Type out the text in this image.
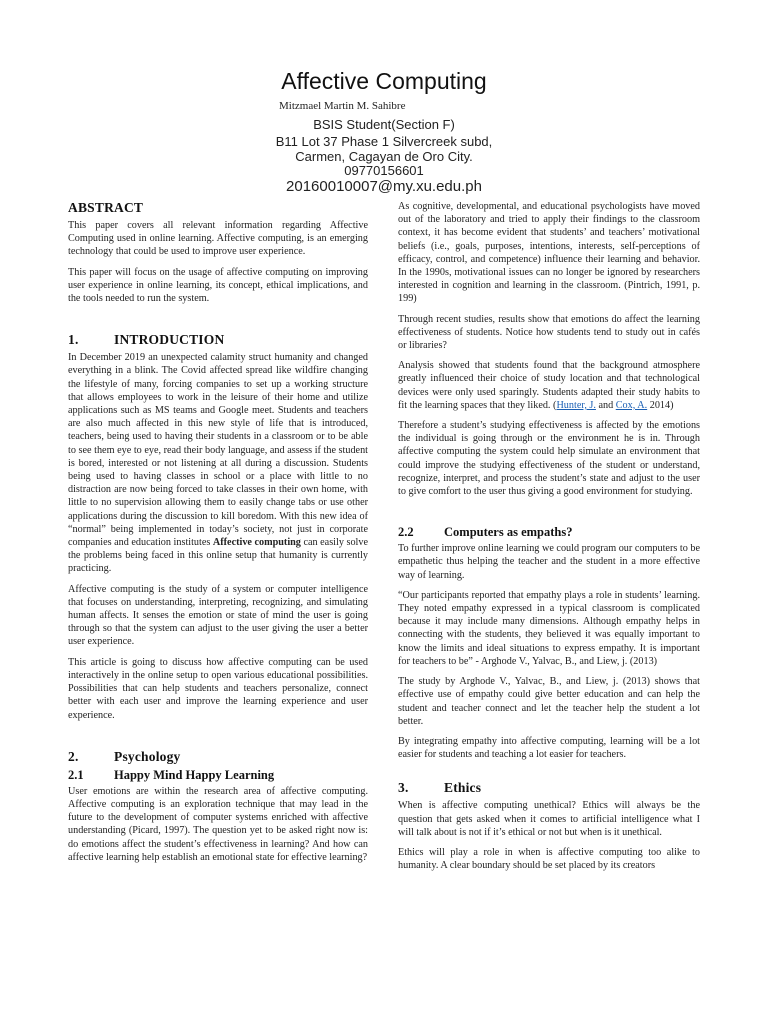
Affective Computing
Mitzmael Martin M. Sahibre
BSIS Student(Section F)
B11 Lot 37 Phase 1 Silvercreek subd,
Carmen, Cagayan de Oro City.
09770156601
20160010007@my.xu.edu.ph
ABSTRACT

This paper covers all relevant information regarding Affective Computing used in online learning. Affective computing, is an emerging technology that could be used to improve user experience.

This paper will focus on the usage of affective computing on improving user experience in online learning, its concept, ethical implications, and the tools needed to run the system.

1.	INTRODUCTION

In December 2019 an unexpected calamity struct humanity and changed everything in a blink. The Covid affected spread like wildfire changing the lifestyle of many, forcing companies to set up a working structure that allows employees to work in the leisure of their home and utilize applications such as MS teams and Google meet. Students and teachers are also much affected in this new style of life that is introduced, teachers, being used to having their students in a classroom or to be able to see them eye to eye, read their body language, and assess if the student is bored, interested or not listening at all during a discussion. Students being used to having classes in school or a place with little to no distraction are now being forced to take classes in their own home, with little to no supervision allowing them to easily change tabs or use other applications during the discussion to kill boredom. With this new idea of “normal” being implemented in today’s society, not just in corporate companies and education institutes Affective computing can easily solve the problems being faced in this online setup that humanity is currently practicing.

Affective computing is the study of a system or computer intelligence that focuses on understanding, interpreting, recognizing, and simulating human affects. It senses the emotion or state of mind the user is going through so that the system can adjust to the user giving the user a better user experience.

This article is going to discuss how affective computing can be used interactively in the online setup to open various educational possibilities. Possibilities that can help students and teachers personalize, connect better with each user and improve the learning experience and user experience.

2.	Psychology
2.1 Happy Mind Happy Learning

User emotions are within the research area of affective computing. Affective computing is an exploration technique that may lead in the future to the development of computer systems enriched with affective understanding (Picard, 1997). The question yet to be asked right now is: do emotions affect the student’s effectiveness in learning? And how can affective learning help establish an emotional state for effective learning?

As cognitive, developmental, and educational psychologists have moved out of the laboratory and tried to apply their findings to the classroom context, it has become evident that students’ and teachers’ motivational beliefs (i.e., goals, purposes, intentions, interests, self-perceptions of efficacy, control, and competence) influence their learning and behavior. In the 1990s, motivational issues can no longer be ignored by researchers interested in cognition and learning in the classroom. (Pintrich, 1991, p. 199)

Through recent studies, results show that emotions do affect the learning effectiveness of students. Notice how students tend to study out in cafés or libraries?

Analysis showed that students found that the background atmosphere greatly influenced their choice of study location and that technological devices were only used sparingly. Students adapted their study habits to fit the learning spaces that they liked. (Hunter, J. and Cox, A. 2014)

Therefore a student’s studying effectiveness is affected by the emotions the individual is going through or the environment he is in. Through affective computing the system could help simulate an environment that could improve the studying effectiveness of the student or understand, recognize, interpret, and process the student’s state and adjust to the user to give comfort to the user thus giving a good environment for studying.

2.2 Computers as empaths?

To further improve online learning we could program our computers to be empathetic thus helping the teacher and the student in a more effective way of learning.

“Our participants reported that empathy plays a role in students’ learning. They noted empathy expressed in a typical classroom is complicated because it may include many dimensions. Although empathy helps in connecting with the students, they believed it was equally important to know the limits and ideal situations to express empathy. It is important for teachers to be” - Arghode V., Yalvac, B., and Liew, j. (2013)

The study by Arghode V., Yalvac, B., and Liew, j. (2013) shows that effective use of empathy could give better education and can help the student and teacher connect and let the teacher help the student a lot better.

By integrating empathy into affective computing, learning will be a lot easier for students and teaching a lot easier for teachers.

3.	Ethics

When is affective computing unethical? Ethics will always be the question that gets asked when it comes to artificial intelligence what I will talk about is not if it’s ethical or not but when is it unethical.

Ethics will play a role in when is affective computing too alike to humanity. A clear boundary should be set placed by its creators
